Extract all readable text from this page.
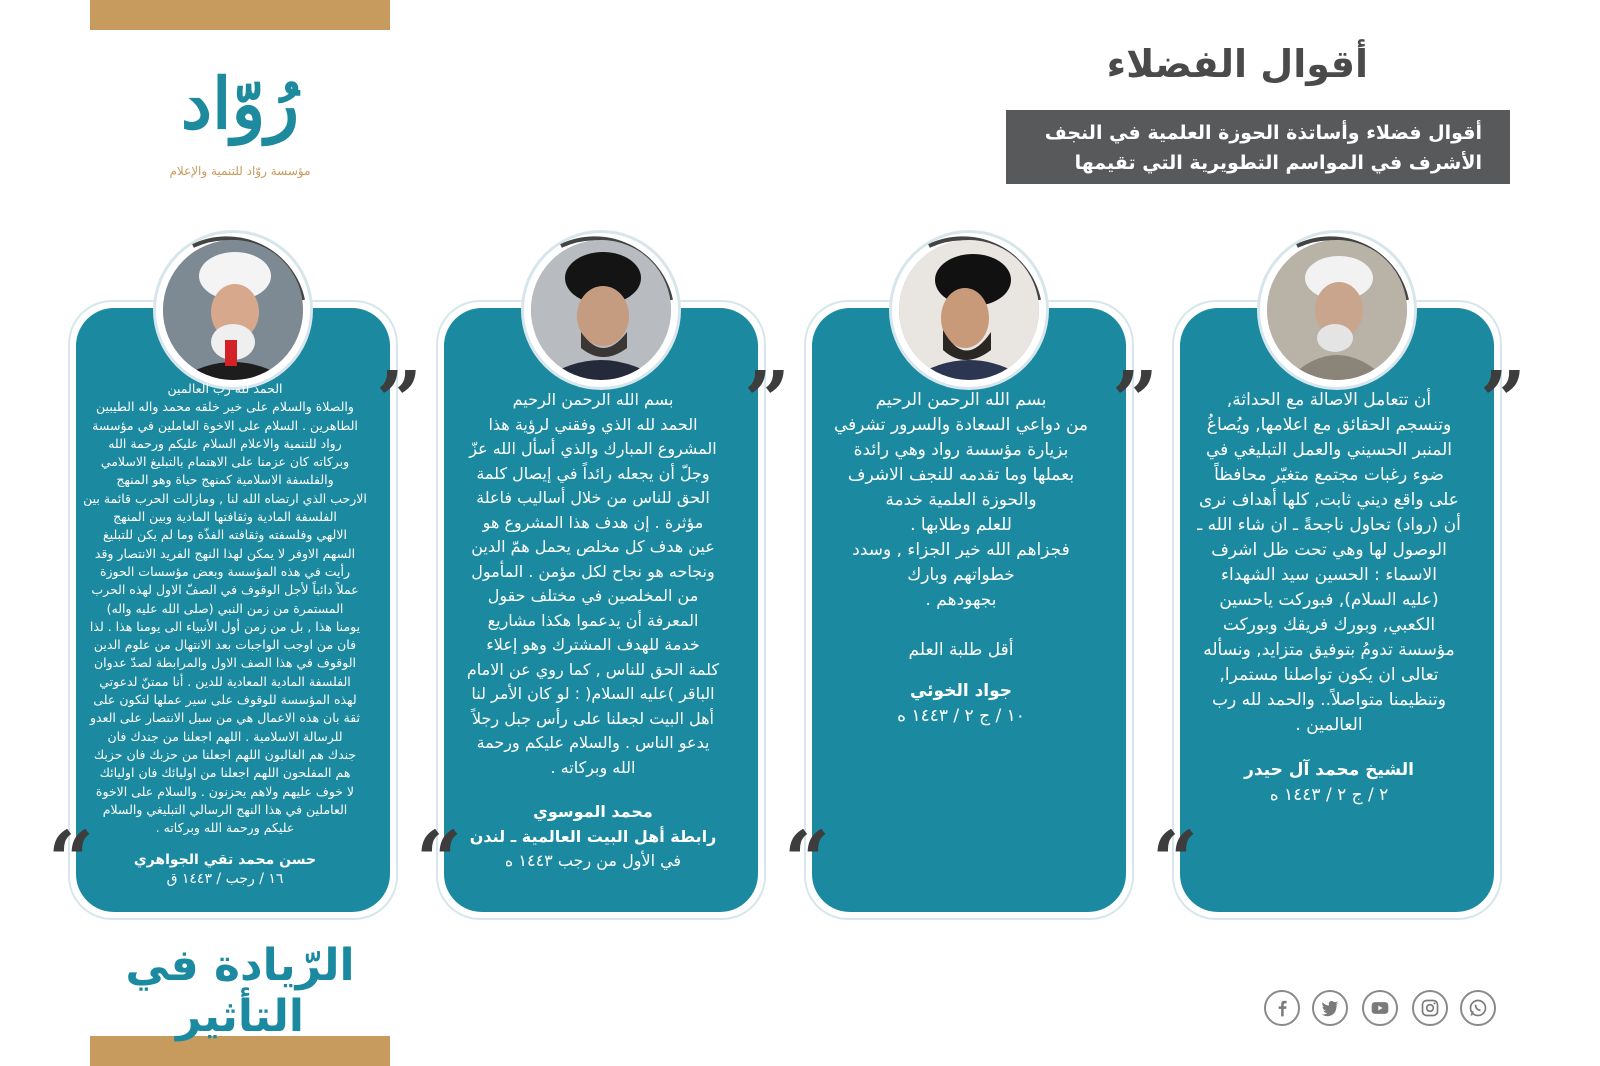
رُوّاد
مؤسسة روّاد للتنمية والإعلام
أقوال الفضلاء
أقوال فضلاء وأساتذة الحوزة العلمية في النجف
الأشرف في المواسم التطويرية التي تقيمها المؤسسة
”
“

أن تتعامل الاصالة مع الحداثة,

وتنسجم الحقائق مع اعلامها, ويُصاغُ

المنبر الحسيني والعمل التبليغي في

ضوء رغبات مجتمع متغيّر محافظاً

على واقع ديني ثابت, كلها أهداف نرى

أن (رواد) تحاول ناجحةً ـ ان شاء الله ـ

الوصول لها وهي تحت ظل اشرف

الاسماء : الحسين سيد الشهداء

(عليه السلام), فبوركت ياحسين

الكعبي, وبورك فريقك وبوركت

مؤسسة تدومُ بتوفيق متزايد, ونسأله

تعالى ان يكون تواصلنا مستمرا,

وتنظيمنا متواصلاً.. والحمد لله رب

العالمين .

الشيخ محمد آل حيدر

٢ / ج ٢ / ١٤٤٣ ه

”
“

بسم الله الرحمن الرحيم

من دواعي السعادة والسرور تشرفي

بزيارة مؤسسة رواد وهي رائدة

بعملها وما تقدمه للنجف الاشرف

والحوزة العلمية خدمة

للعلم وطلابها .

فجزاهم الله خير الجزاء , وسدد

خطواتهم وبارك

بجهودهم .

أقل طلبة العلم

جواد الخوئي

١٠ / ج ٢ / ١٤٤٣ ه

”
“

بسم الله الرحمن الرحيم

الحمد لله الذي وفقني لرؤية هذا

المشروع المبارك والذي أسأل الله عزّ

وجلّ أن يجعله رائداً في إيصال كلمة

الحق للناس من خلال أساليب فاعلة

مؤثرة . إن هدف هذا المشروع هو

عين هدف كل مخلص يحمل همّ الدين

ونجاحه هو نجاح لكل مؤمن . المأمول

من المخلصين في مختلف حقول

المعرفة أن يدعموا هكذا مشاريع

خدمة للهدف المشترك وهو إعلاء

كلمة الحق للناس , كما روي عن الامام

الباقر )عليه السلام( : لو كان الأمر لنا

أهل البيت لجعلنا على رأس جبل رجلاً

يدعو الناس . والسلام عليكم ورحمة

الله وبركاته .

محمد الموسوي

رابطة أهل البيت العالمية ـ لندن

في الأول من رجب ١٤٤٣ ه

”
“

الحمد لله رب العالمين

والصلاة والسلام على خير خلقه محمد واله الطيبين

الطاهرين . السلام على الاخوة العاملين في مؤسسة

رواد للتنمية والاعلام السلام عليكم ورحمة الله

وبركاته كان عزمنا على الاهتمام بالتبليغ الاسلامي

والفلسفة الاسلامية كمنهج حياة وهو المنهج

الارحب الذي ارتضاه الله لنا , ومازالت الحرب قائمة بين

الفلسفة المادية وثقافتها المادية وبين المنهج

الالهي وفلسفته وثقافته الفذّة وما لم يكن للتبليغ

السهم الاوفر لا يمكن لهذا النهج الفريد الانتصار وقد

رأيت في هذه المؤسسة وبعض مؤسسات الحوزة

عملاً دائباً لأجل الوقوف في الصفّ الاول لهذه الحرب

المستمرة من زمن النبي (صلى الله عليه واله)

يومنا هذا , بل من زمن أول الأنبياء الى يومنا هذا . لذا

فان من اوجب الواجبات بعد الانتهال من علوم الدين

الوقوف في هذا الصف الاول والمرابطة لصدّ عدوان

الفلسفة المادية المعادية للدين . أنا ممتنّ لدعوتي

لهذه المؤسسة للوقوف على سير عملها لتكون على

ثقة بان هذه الاعمال هي من سبل الانتصار على العدو

للرسالة الاسلامية . اللهم اجعلنا من جندك فان

جندك هم الغالبون اللهم اجعلنا من حزبك فان حزبك

هم المفلحون اللهم اجعلنا من اوليائك فان اوليائك

لا خوف عليهم ولاهم يحزنون . والسلام على الاخوة

العاملين في هذا النهج الرسالي التبليغي والسلام

عليكم ورحمة الله وبركاته .

حسن محمد تقي الجواهري

١٦ / رجب / ١٤٤٣ ق

الرّيادة في التأثير
